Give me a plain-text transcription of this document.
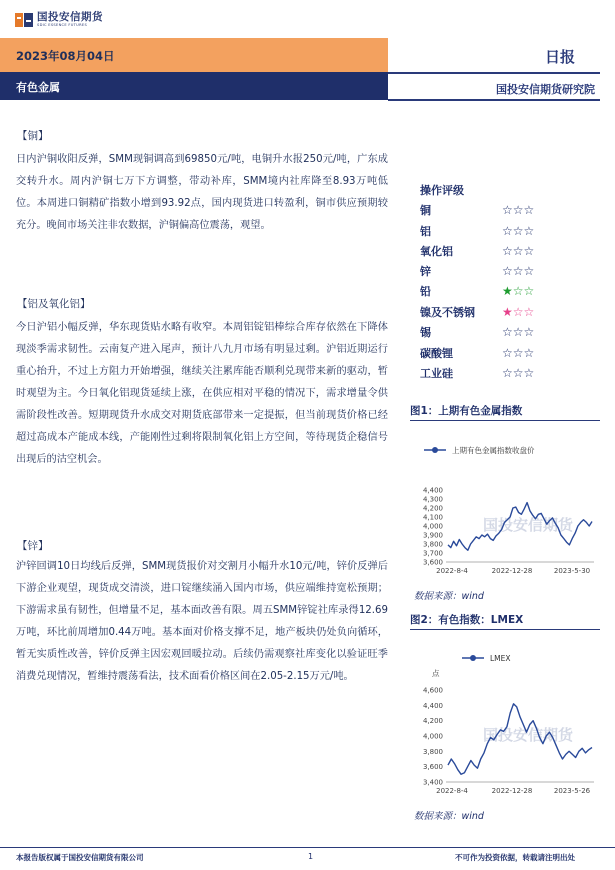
国投安信期货
SDIC ESSENCE FUTURES
2023年08月04日
有色金属
日报
国投安信期货研究院
【铜】
日内沪铜收阳反弹，SMM现铜调高到69850元/吨，电铜升水报250元/吨，广东成交转升水。周内沪铜七万下方调整，带动补库，SMM境内社库降至8.93万吨低位。本周进口铜精矿指数小增到93.92点，国内现货进口转盈利，铜市供应预期较充分。晚间市场关注非农数据，沪铜偏高位震荡，观望。
【铝及氧化铝】
今日沪铝小幅反弹，华东现货贴水略有收窄。本周铝锭铝棒综合库存依然在下降体现淡季需求韧性。云南复产进入尾声，预计八九月市场有明显过剩。沪铝近期运行重心抬升，不过上方阻力开始增强，继续关注累库能否顺利兑现带来新的驱动，暂时观望为主。今日氧化铝现货延续上涨，在供应相对平稳的情况下，需求增量令供需阶段性改善。短期现货升水成交对期货底部带来一定提振，但当前现货价格已经超过高成本产能成本线，产能刚性过剩将限制氧化铝上方空间，等待现货企稳信号出现后的沽空机会。
【锌】
沪锌回调10日均线后反弹，SMM现货报价对交割月小幅升水10元/吨，锌价反弹后下游企业观望，现货成交清淡，进口锭继续涌入国内市场，供应端维持宽松预期；下游需求虽有韧性，但增量不足，基本面改善有限。周五SMM锌锭社库录得12.69万吨，环比前周增加0.44万吨。基本面对价格支撑不足，地产板块仍处负向循环，暂无实质性改善，锌价反弹主因宏观回暖拉动。后续仍需观察社库变化以验证旺季消费兑现情况，暂维持震荡看法，技术面看价格区间在2.05-2.15万元/吨。
操作评级
铜	☆☆☆
铝	☆☆☆
氧化铝	☆☆☆
锌	☆☆☆
铅	★☆☆
镍及不锈钢	★☆☆
锡	☆☆☆
碳酸锂	☆☆☆
工业硅	☆☆☆
图1：上期有色金属指数
上期有色金属指数收盘价
国投安信期货
4,400
4,300
4,200
4,100
4,000
3,900
3,800
3,700
3,600
2022-8-4	2022-12-28	2023-5-30
数据来源：wind
图2：有色指数：LMEX
LMEX
点
国投安信期货
4,600
4,400
4,200
4,000
3,800
3,600
3,400
2022-8-4	2022-12-28	2023-5-26
数据来源：wind
本报告版权属于国投安信期货有限公司	1	不可作为投资依据，转载请注明出处
